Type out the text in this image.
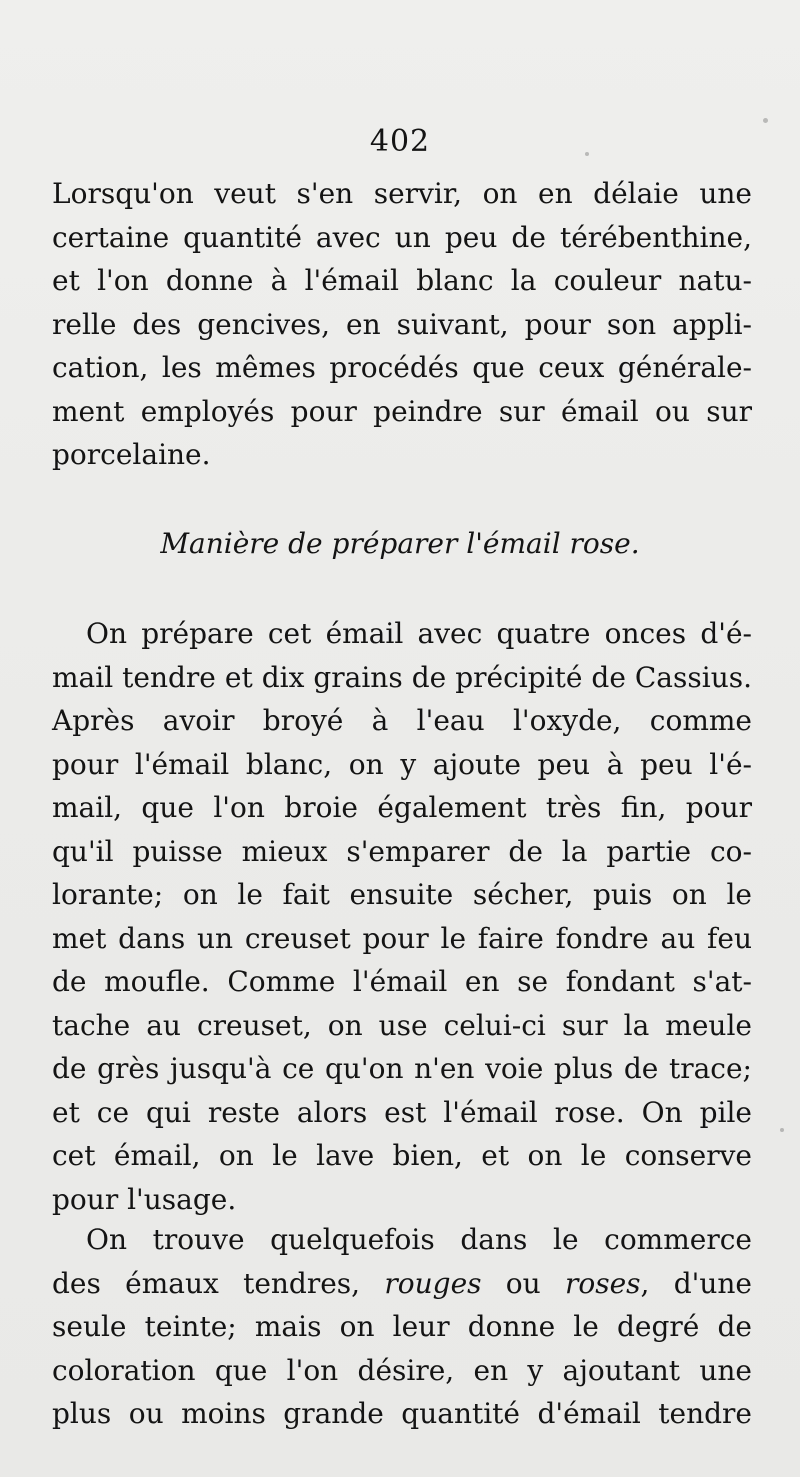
402
Lorsqu'on veut s'en servir, on en délaie une
certaine quantité avec un peu de térébenthine,
et l'on donne à l'émail blanc la couleur natu-
relle des gencives, en suivant, pour son appli-
cation, les mêmes procédés que ceux générale-
ment employés pour peindre sur émail ou sur
porcelaine.
Manière de préparer l'émail rose.
On prépare cet émail avec quatre onces d'é-
mail tendre et dix grains de précipité de Cassius.
Après avoir broyé à l'eau l'oxyde, comme
pour l'émail blanc, on y ajoute peu à peu l'é-
mail, que l'on broie également très fin, pour
qu'il puisse mieux s'emparer de la partie co-
lorante; on le fait ensuite sécher, puis on le
met dans un creuset pour le faire fondre au feu
de moufle. Comme l'émail en se fondant s'at-
tache au creuset, on use celui-ci sur la meule
de grès jusqu'à ce qu'on n'en voie plus de trace;
et ce qui reste alors est l'émail rose. On pile
cet émail, on le lave bien, et on le conserve
pour l'usage.
On trouve quelquefois dans le commerce
des émaux tendres, rouges ou roses, d'une
seule teinte; mais on leur donne le degré de
coloration que l'on désire, en y ajoutant une
plus ou moins grande quantité d'émail tendre
